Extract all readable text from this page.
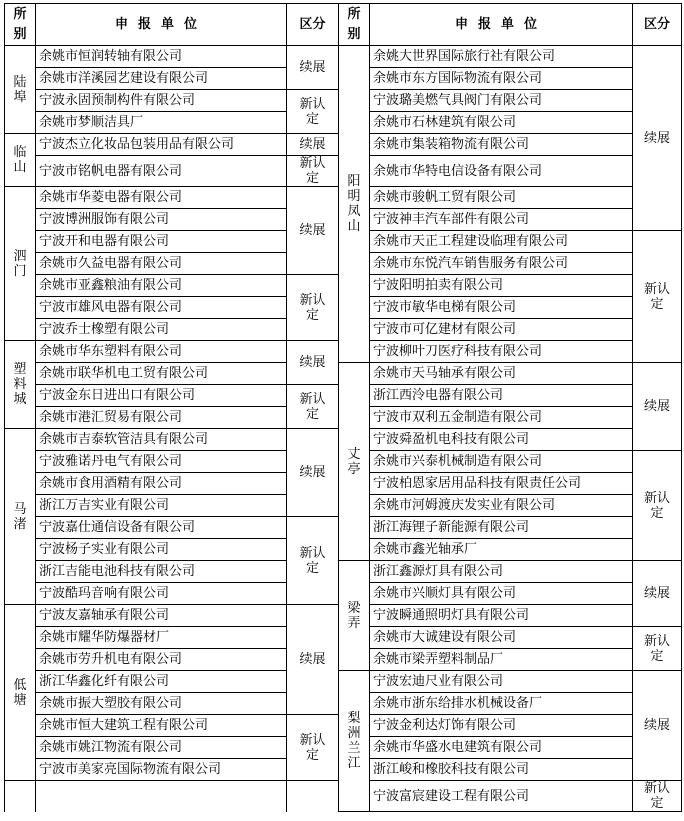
所别	申报单位	区分	所别	申报单位	区分

陆埠	余姚市恒润转轴有限公司	续展	阳明凤山	余姚大世界国际旅行社有限公司	续展
	余姚市洋溪园艺建设有限公司			余姚市东方国际物流有限公司	
	宁波永固预制构件有限公司	新认定		宁波璐美燃气具阀门有限公司	
	余姚市梦顺洁具厂			余姚市石林建筑有限公司	

临山	宁波杰立化妆品包装用品有限公司	续展		余姚市集装箱物流有限公司	
	宁波市铭帆电器有限公司	新认定		余姚市华特电信设备有限公司	

泗门	余姚市华菱电器有限公司	续展		余姚市骏帆工贸有限公司	
	宁波博洲服饰有限公司			宁波神丰汽车部件有限公司	
	宁波开和电器有限公司			余姚市天正工程建设临理有限公司	新认定
	余姚市久益电器有限公司			余姚市东悦汽车销售服务有限公司	
	余姚市亚鑫粮油有限公司	新认定		宁波阳明拍卖有限公司	
	宁波市雄风电器有限公司			宁波市敏华电梯有限公司	
	宁波乔士橡塑有限公司			宁波市可亿建材有限公司	

塑料城	余姚市华东塑料有限公司	续展		宁波柳叶刀医疗科技有限公司	
	余姚市联华机电工贸有限公司		丈亭	余姚市天马轴承有限公司	续展
	宁波金东日进出口有限公司	新认定		浙江西泠电器有限公司	
	余姚市港汇贸易有限公司			宁波市双利五金制造有限公司	

马渚	余姚市吉泰软管洁具有限公司	续展		宁波舜盈机电科技有限公司	
	宁波雅诺丹电气有限公司			余姚市兴泰机械制造有限公司	新认定
	余姚市食用酒精有限公司			宁波柏恩家居用品科技有限责任公司	
	浙江万吉实业有限公司			余姚市河姆渡庆发实业有限公司	
	宁波嘉仕通信设备有限公司	新认定		浙江海锂子新能源有限公司	
	宁波杨子实业有限公司			余姚市鑫光轴承厂	
	浙江吉能电池科技有限公司		梁弄	浙江鑫源灯具有限公司	续展
	宁波酷玛音响有限公司			余姚市兴顺灯具有限公司	

低塘	宁波友嘉轴承有限公司	续展		宁波瞬通照明灯具有限公司	
	余姚市耀华防爆器材厂			余姚市大诚建设有限公司	新认定
	余姚市劳升机电有限公司			余姚市梁弄塑料制品厂	
	浙江华鑫化纤有限公司		梨洲兰江	宁波宏迪尺业有限公司	续展
	余姚市振大塑胶有限公司			余姚市浙东给排水机械设备厂	
	余姚市恒大建筑工程有限公司	新认定		宁波金利达灯饰有限公司	
	余姚市姚江物流有限公司			余姚市华盛水电建筑有限公司	
	宁波市美家亮国际物流有限公司			浙江峻和橡胶科技有限公司	
				宁波富宸建设工程有限公司	新认定
